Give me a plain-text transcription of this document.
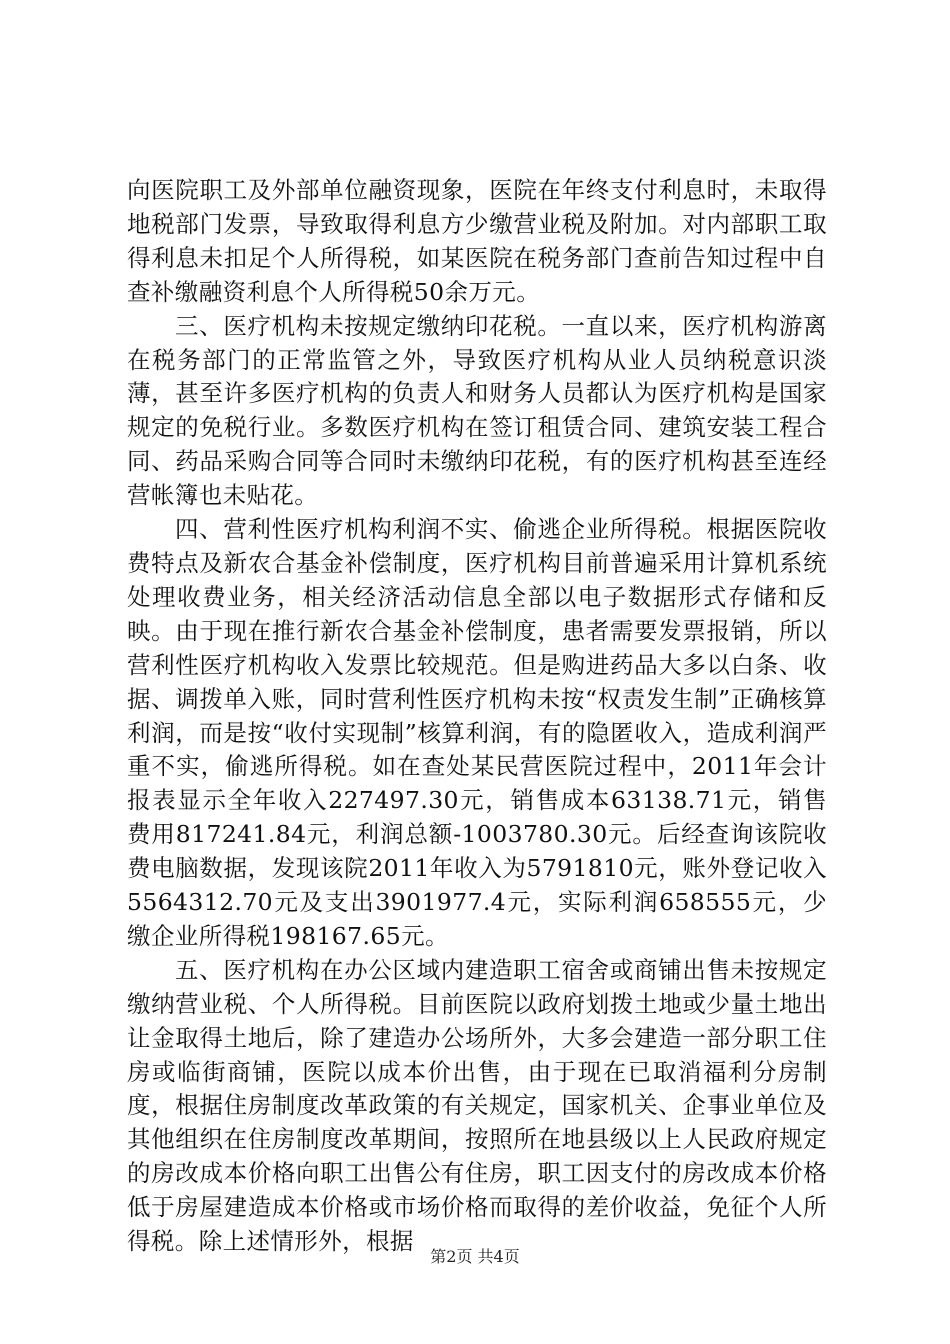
向医院职工及外部单位融资现象，医院在年终支付利息时，未取得地税部门发票，导致取得利息方少缴营业税及附加。对内部职工取得利息未扣足个人所得税，如某医院在税务部门查前告知过程中自查补缴融资利息个人所得税50余万元。

三、医疗机构未按规定缴纳印花税。一直以来，医疗机构游离在税务部门的正常监管之外，导致医疗机构从业人员纳税意识淡薄，甚至许多医疗机构的负责人和财务人员都认为医疗机构是国家规定的免税行业。多数医疗机构在签订租赁合同、建筑安装工程合同、药品采购合同等合同时未缴纳印花税，有的医疗机构甚至连经营帐簿也未贴花。

四、营利性医疗机构利润不实、偷逃企业所得税。根据医院收费特点及新农合基金补偿制度，医疗机构目前普遍采用计算机系统处理收费业务，相关经济活动信息全部以电子数据形式存储和反映。由于现在推行新农合基金补偿制度，患者需要发票报销，所以营利性医疗机构收入发票比较规范。但是购进药品大多以白条、收据、调拨单入账，同时营利性医疗机构未按“权责发生制”正确核算利润，而是按“收付实现制”核算利润，有的隐匿收入，造成利润严重不实，偷逃所得税。如在查处某民营医院过程中，2011年会计报表显示全年收入227497.30元，销售成本63138.71元，销售费用817241.84元，利润总额-1003780.30元。后经查询该院收费电脑数据，发现该院2011年收入为5791810元，账外登记收入5564312.70元及支出3901977.4元，实际利润658555元，少缴企业所得税198167.65元。

五、医疗机构在办公区域内建造职工宿舍或商铺出售未按规定缴纳营业税、个人所得税。目前医院以政府划拨土地或少量土地出让金取得土地后，除了建造办公场所外，大多会建造一部分职工住房或临街商铺，医院以成本价出售，由于现在已取消福利分房制度，根据住房制度改革政策的有关规定，国家机关、企事业单位及其他组织在住房制度改革期间，按照所在地县级以上人民政府规定的房改成本价格向职工出售公有住房，职工因支付的房改成本价格低于房屋建造成本价格或市场价格而取得的差价收益，免征个人所得税。除上述情形外，根据

第2页 共4页
